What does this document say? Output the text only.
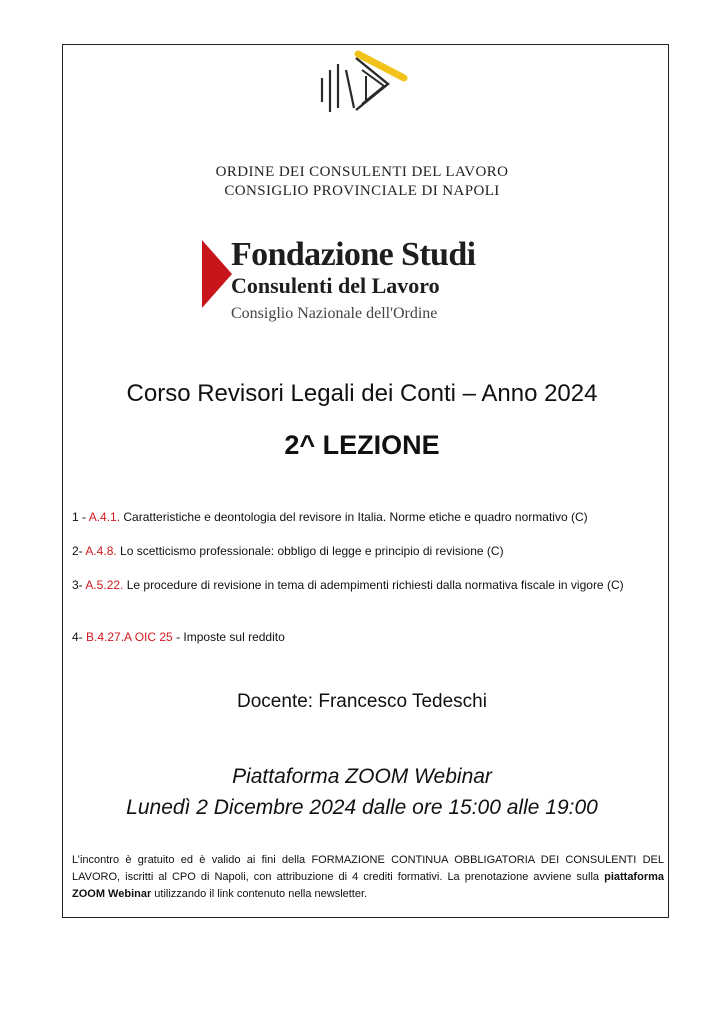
ORDINE DEI CONSULENTI DEL LAVORO
CONSIGLIO PROVINCIALE DI NAPOLI
Fondazione Studi
Consulenti del Lavoro
Consiglio Nazionale dell'Ordine
Corso Revisori Legali dei Conti – Anno 2024
2^ LEZIONE
1 - A.4.1. Caratteristiche e deontologia del revisore in Italia. Norme etiche e quadro normativo (C)
2- A.4.8. Lo scetticismo professionale: obbligo di legge e principio di revisione (C)
3- A.5.22. Le procedure di revisione in tema di adempimenti richiesti dalla normativa fiscale in vigore (C)
4- B.4.27.A OIC 25 - Imposte sul reddito
Docente: Francesco Tedeschi
Piattaforma ZOOM Webinar
Lunedì 2 Dicembre 2024 dalle ore 15:00 alle 19:00
L’incontro è gratuito ed è valido ai fini della FORMAZIONE CONTINUA OBBLIGATORIA DEI CONSULENTI DEL LAVORO, iscritti al CPO di Napoli, con attribuzione di 4 crediti formativi. La prenotazione avviene sulla piattaforma ZOOM Webinar utilizzando il link contenuto nella newsletter.
